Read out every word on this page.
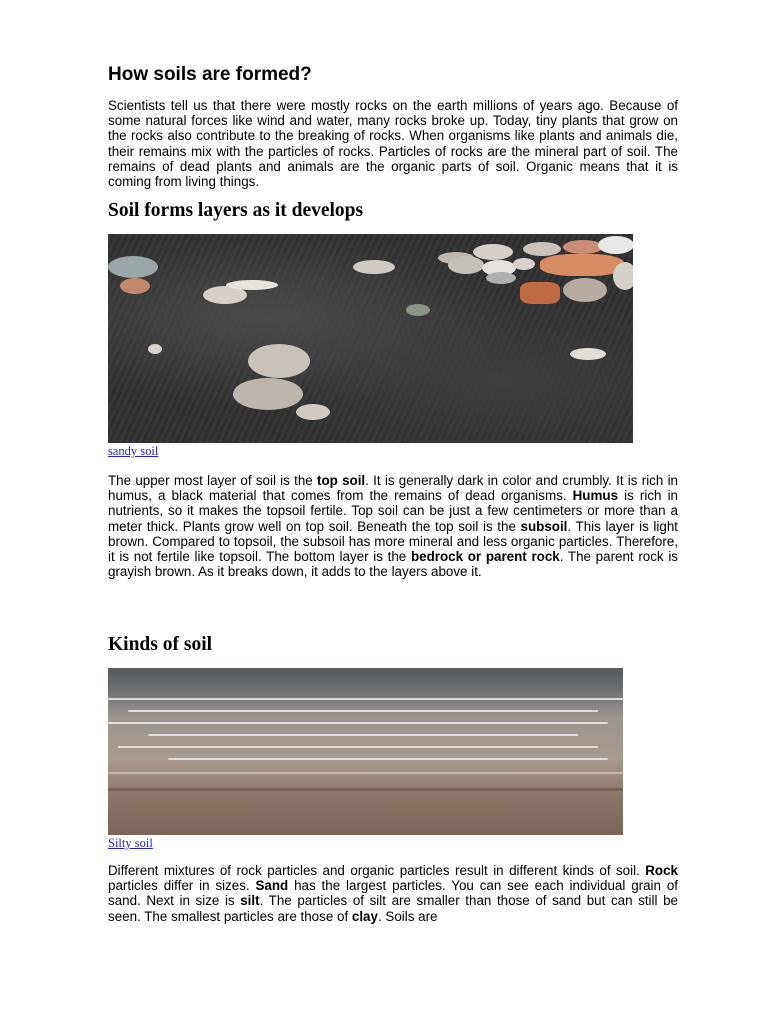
How soils are formed?

Scientists tell us that there were mostly rocks on the earth millions of years ago. Because of some natural forces like wind and water, many rocks broke up. Today, tiny plants that grow on the rocks also contribute to the breaking of rocks. When organisms like plants and animals die, their remains mix with the particles of rocks. Particles of rocks are the mineral part of soil. The remains of dead plants and animals are the organic parts of soil. Organic means that it is coming from living things.

Soil forms layers as it develops
sandy soil

The upper most layer of soil is the top soil. It is generally dark in color and crumbly. It is rich in humus, a black material that comes from the remains of dead organisms. Humus is rich in nutrients, so it makes the topsoil fertile. Top soil can be just a few centimeters or more than a meter thick. Plants grow well on top soil. Beneath the top soil is the subsoil. This layer is light brown. Compared to topsoil, the subsoil has more mineral and less organic particles. Therefore, it is not fertile like topsoil. The bottom layer is the bedrock or parent rock. The parent rock is grayish brown. As it breaks down, it adds to the layers above it.

Kinds of soil
Silty soil

Different mixtures of rock particles and organic particles result in different kinds of soil. Rock particles differ in sizes. Sand has the largest particles. You can see each individual grain of sand. Next in size is silt. The particles of silt are smaller than those of sand but can still be seen. The smallest particles are those of clay. Soils are
